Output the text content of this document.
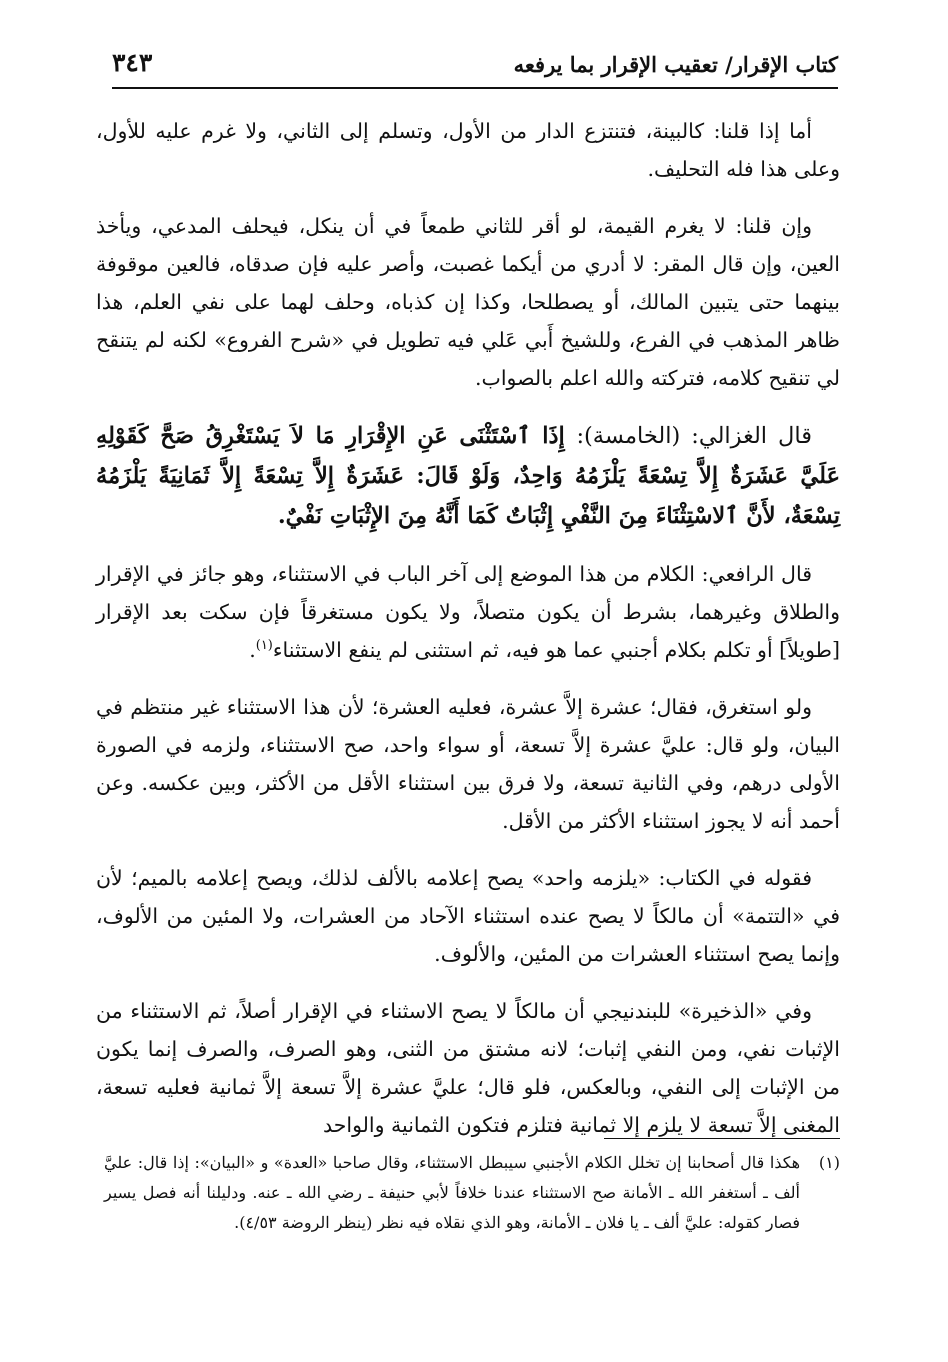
كتاب الإقرار/ تعقيب الإقرار بما يرفعه
٣٤٣

أما إذا قلنا: كالبينة، فتنتزع الدار من الأول، وتسلم إلى الثاني، ولا غرم عليه للأول، وعلى هذا فله التحليف.

وإن قلنا: لا يغرم القيمة، لو أقر للثاني طمعاً في أن ينكل، فيحلف المدعي، ويأخذ العين، وإن قال المقر: لا أدري من أيكما غصبت، وأصر عليه فإن صدقاه، فالعين موقوفة بينهما حتى يتبين المالك، أو يصطلحا، وكذا إن كذباه، وحلف لهما على نفي العلم، هذا ظاهر المذهب في الفرع، وللشيخ أَبي عَلي فيه تطويل في «شرح الفروع» لكنه لم يتنقح لي تنقيح كلامه، فتركته والله اعلم بالصواب.

قال الغزالي: (الخامسة): إِذَا ٱسْتَثْنَى عَنِ الإِقْرَارِ مَا لاَ يَسْتَغْرِقُ صَحَّ كَقَوْلِهِ عَلَيَّ عَشَرَةٌ إِلاَّ تِسْعَةً يَلْزَمُهُ وَاحِدٌ، وَلَوْ قَالَ: عَشَرَةٌ إِلاَّ تِسْعَةً إِلاَّ ثَمَانِيَةً يَلْزَمُهُ تِسْعَةٌ، لأَنَّ ٱلاسْتِثْنَاءَ مِنَ النَّفْيِ إِثْبَاتٌ كَمَا أَنَّهُ مِنَ الإِثْبَاتِ نَفْيٌ.

قال الرافعي: الكلام من هذا الموضع إلى آخر الباب في الاستثناء، وهو جائز في الإقرار والطلاق وغيرهما، بشرط أن يكون متصلاً، ولا يكون مستغرقاً فإن سكت بعد الإقرار [طويلاً] أو تكلم بكلام أجنبي عما هو فيه، ثم استثنى لم ينفع الاستثناء$^{(١)}$.

ولو استغرق، فقال؛ عشرة إلاَّ عشرة، فعليه العشرة؛ لأن هذا الاستثناء غير منتظم في البيان، ولو قال: عليَّ عشرة إلاَّ تسعة، أو سواء واحد، صح الاستثناء، ولزمه في الصورة الأولى درهم، وفي الثانية تسعة، ولا فرق بين استثناء الأقل من الأكثر، وبين عكسه. وعن أحمد أنه لا يجوز استثناء الأكثر من الأقل.

فقوله في الكتاب: «يلزمه واحد» يصح إعلامه بالألف لذلك، ويصح إعلامه بالميم؛ لأن في «التتمة» أن مالكاً لا يصح عنده استثناء الآحاد من العشرات، ولا المئين من الألوف، وإنما يصح استثناء العشرات من المئين، والألوف.

وفي «الذخيرة» للبندنيجي أن مالكاً لا يصح الاسثناء في الإقرار أصلاً، ثم الاستثناء من الإثبات نفي، ومن النفي إثبات؛ لانه مشتق من الثنى، وهو الصرف، والصرف إنما يكون من الإثبات إلى النفي، وبالعكس، فلو قال؛ عليَّ عشرة إلاَّ تسعة إلاَّ ثمانية فعليه تسعة، المغنى إلاَّ تسعة لا يلزم إلا ثمانية فتلزم فتكون الثمانية والواحد

(١)
هكذا قال أصحابنا إن تخلل الكلام الأجنبي سيبطل الاستثناء، وقال صاحبا «العدة» و «البيان»: إذا قال: عليَّ ألف ـ أستغفر الله ـ الأمانة صح الاستثناء عندنا خلافاً لأبي حنيفة ـ رضي الله ـ عنه. ودليلنا أنه فصل يسير فصار كقوله: عليَّ ألف ـ يا فلان ـ الأمانة، وهو الذي نقلاه فيه نظر (ينظر الروضة ٤/٥٣).
